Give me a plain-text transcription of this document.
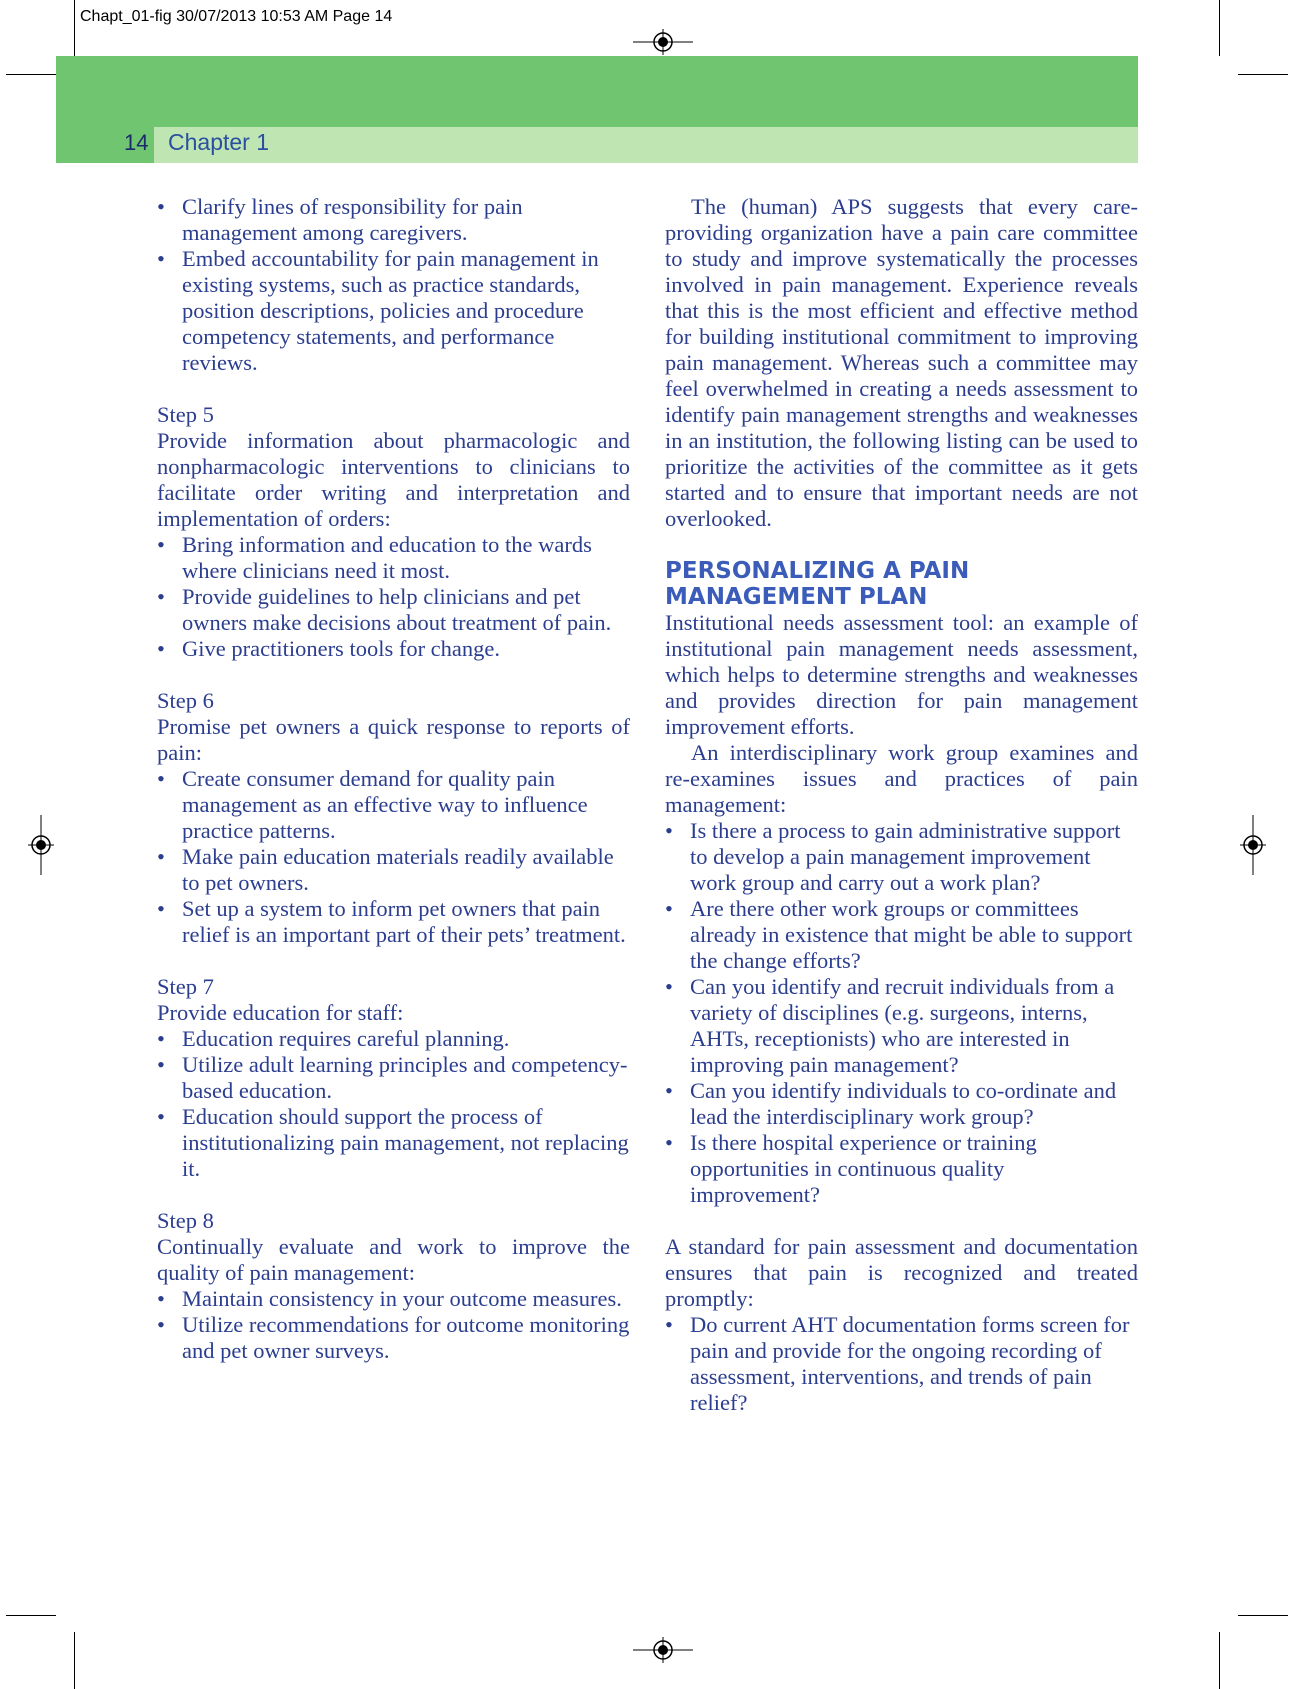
Chapt_01-fig 30/07/2013 10:53 AM Page 14
14 Chapter 1
• Clarify lines of responsibility for pain management among caregivers.
• Embed accountability for pain management in existing systems, such as practice standards, position descriptions, policies and procedure competency statements, and performance reviews.

Step 5

Provide information about pharmacologic and nonpharmacologic interventions to clinicians to facilitate order writing and interpretation and implementation of orders:

• Bring information and education to the wards where clinicians need it most.
• Provide guidelines to help clinicians and pet owners make decisions about treatment of pain.
• Give practitioners tools for change.

Step 6

Promise pet owners a quick response to reports of pain:

• Create consumer demand for quality pain management as an effective way to influence practice patterns.
• Make pain education materials readily available to pet owners.
• Set up a system to inform pet owners that pain relief is an important part of their pets’ treatment.

Step 7

Provide education for staff:

• Education requires careful planning.
• Utilize adult learning principles and competency-based education.
• Education should support the process of institutionalizing pain management, not replacing it.

Step 8

Continually evaluate and work to improve the quality of pain management:

• Maintain consistency in your outcome measures.
• Utilize recommendations for outcome monitoring and pet owner surveys.

The (human) APS suggests that every care-providing organization have a pain care committee to study and improve systematically the processes involved in pain management. Experience reveals that this is the most efficient and effective method for building institutional commitment to improving pain management. Whereas such a committee may feel overwhelmed in creating a needs assessment to identify pain management strengths and weaknesses in an institution, the following listing can be used to prioritize the activities of the committee as it gets started and to ensure that important needs are not overlooked.

PERSONALIZING A PAIN
MANAGEMENT PLAN

Institutional needs assessment tool: an example of institutional pain management needs assessment, which helps to determine strengths and weaknesses and provides direction for pain management improvement efforts.

An interdisciplinary work group examines and re-examines issues and practices of pain management:

• Is there a process to gain administrative support to develop a pain management improvement work group and carry out a work plan?
• Are there other work groups or committees already in existence that might be able to support the change efforts?
• Can you identify and recruit individuals from a variety of disciplines (e.g. surgeons, interns, AHTs, receptionists) who are interested in improving pain management?
• Can you identify individuals to co-ordinate and lead the interdisciplinary work group?
• Is there hospital experience or training opportunities in continuous quality improvement?

A standard for pain assessment and documentation ensures that pain is recognized and treated promptly:

• Do current AHT documentation forms screen for pain and provide for the ongoing recording of assessment, interventions, and trends of pain relief?
